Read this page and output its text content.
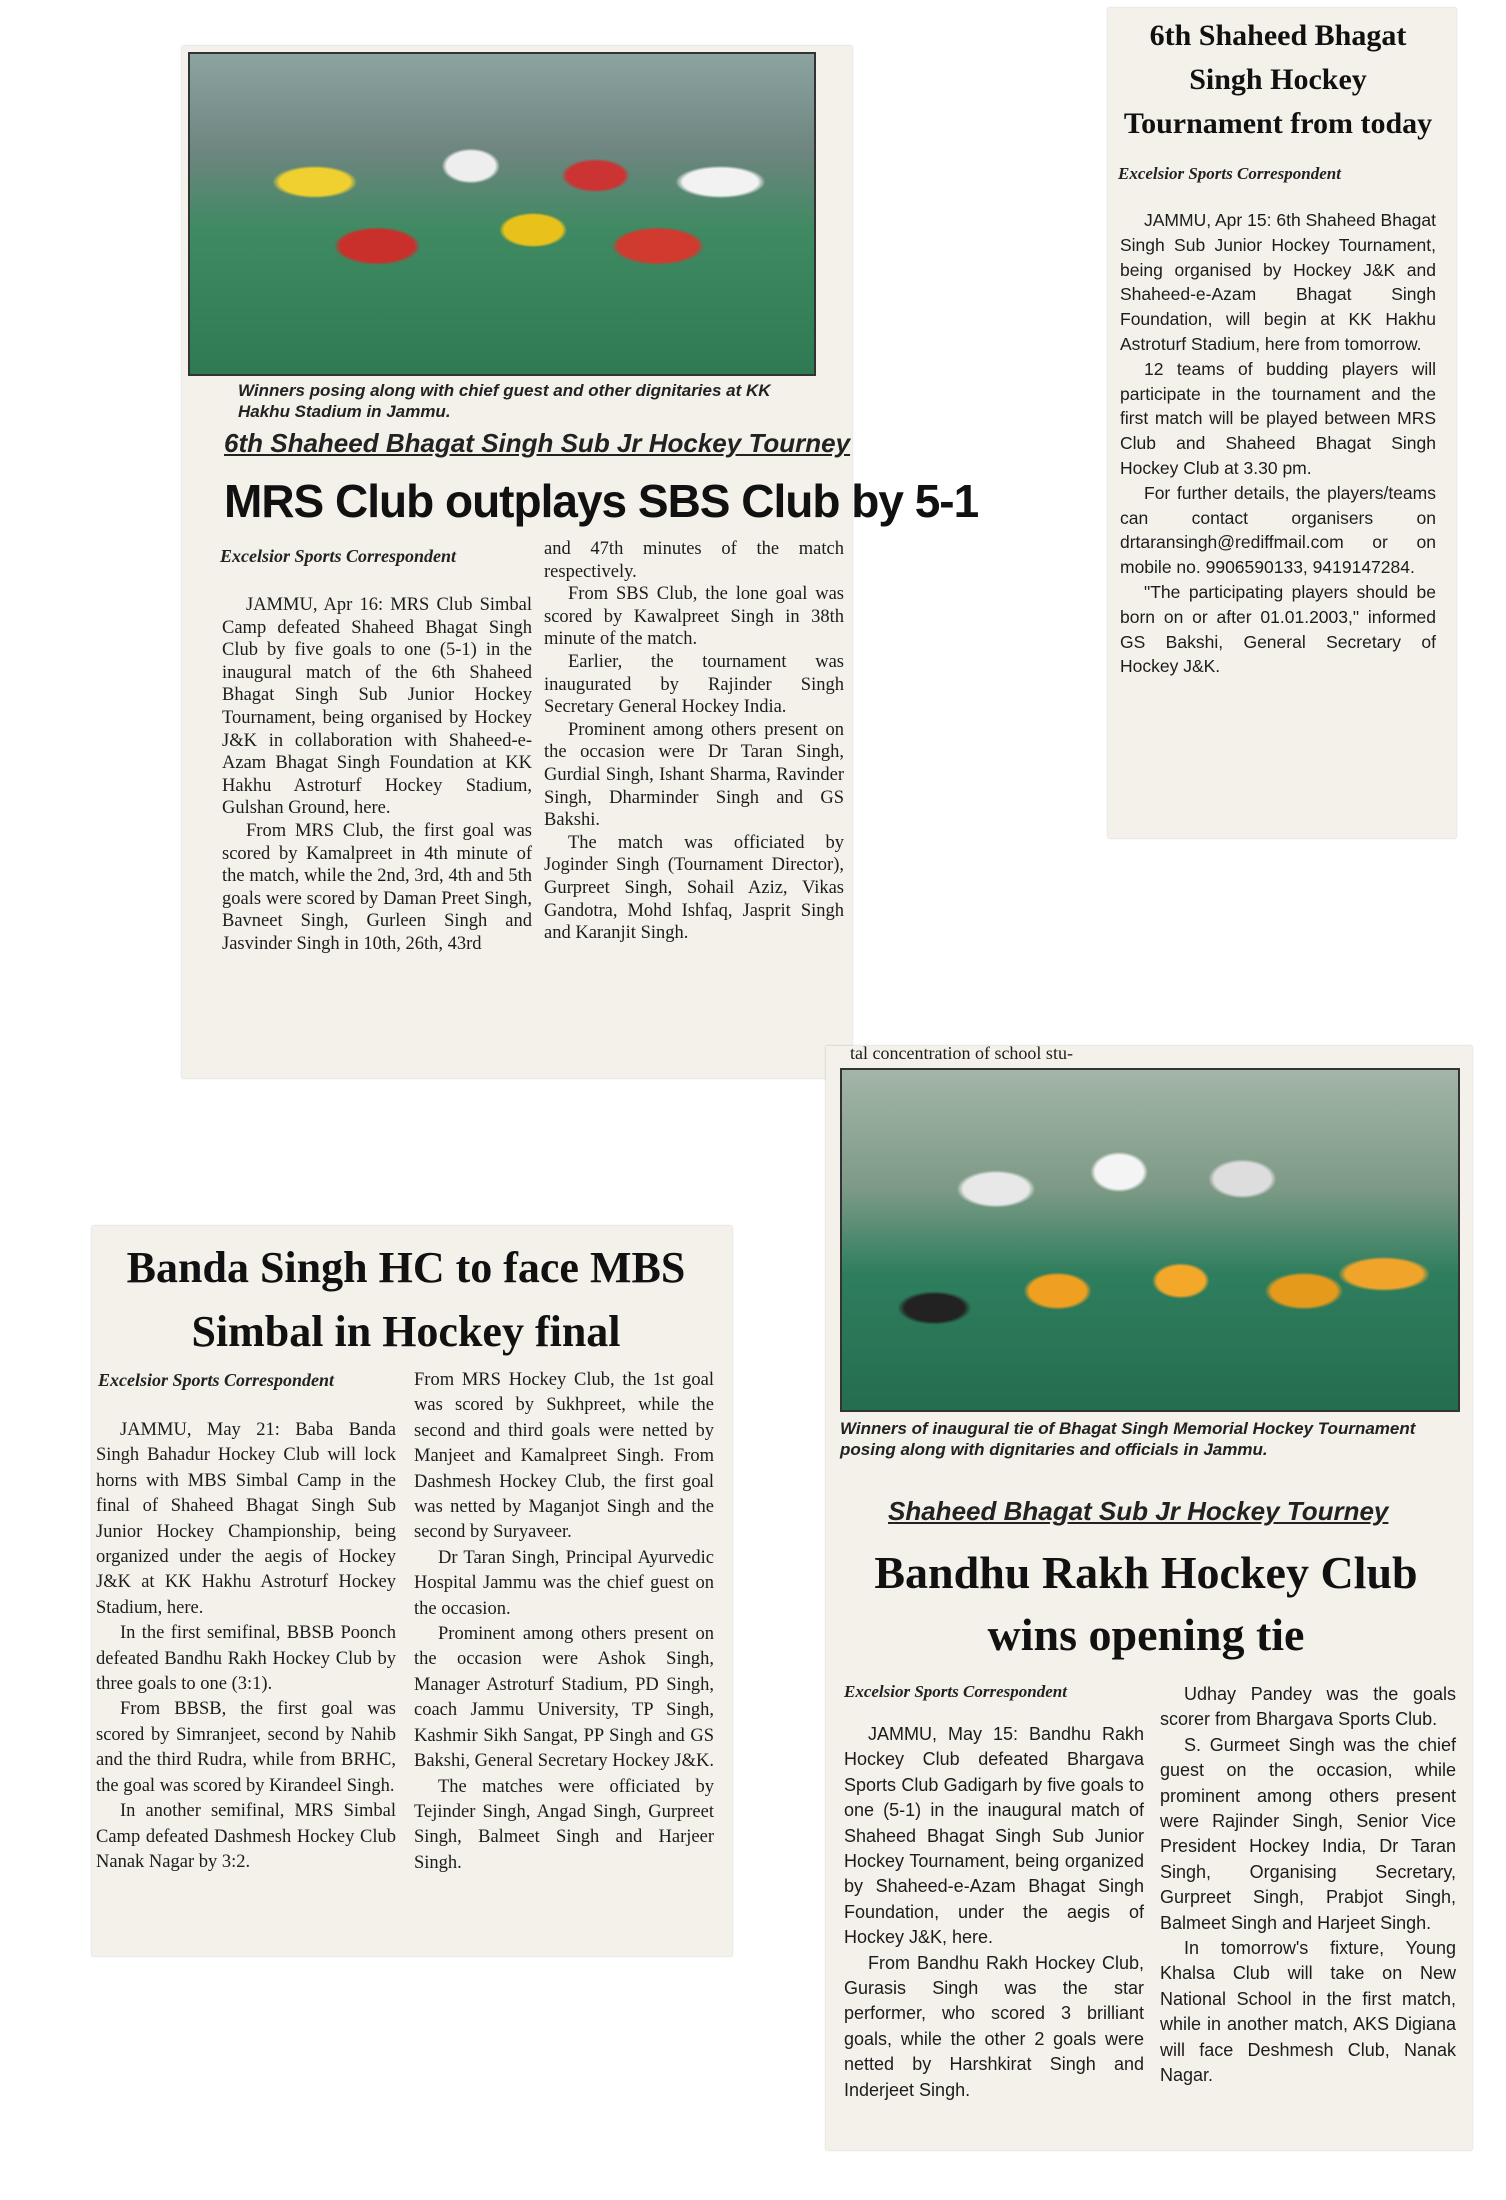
Winners posing along with chief guest and other dignitaries at KK Hakhu Stadium in Jammu.
6th Shaheed Bhagat Singh Sub Jr Hockey Tourney
MRS Club outplays SBS Club by 5-1
Excelsior Sports Correspondent

JAMMU, Apr 16: MRS Club Simbal Camp defeated Shaheed Bhagat Singh Club by five goals to one (5-1) in the inaugural match of the 6th Shaheed Bhagat Singh Sub Junior Hockey Tournament, being organised by Hockey J&K in collaboration with Shaheed-e-Azam Bhagat Singh Foundation at KK Hakhu Astroturf Hockey Stadium, Gulshan Ground, here.

From MRS Club, the first goal was scored by Kamalpreet in 4th minute of the match, while the 2nd, 3rd, 4th and 5th goals were scored by Daman Preet Singh, Bavneet Singh, Gurleen Singh and Jasvinder Singh in 10th, 26th, 43rd

and 47th minutes of the match respectively.

From SBS Club, the lone goal was scored by Kawalpreet Singh in 38th minute of the match.

Earlier, the tournament was inaugurated by Rajinder Singh Secretary General Hockey India.

Prominent among others present on the occasion were Dr Taran Singh, Gurdial Singh, Ishant Sharma, Ravinder Singh, Dharminder Singh and GS Bakshi.

The match was officiated by Joginder Singh (Tournament Director), Gurpreet Singh, Sohail Aziz, Vikas Gandotra, Mohd Ishfaq, Jasprit Singh and Karanjit Singh.

6th Shaheed Bhagat Singh Hockey Tournament from today
Excelsior Sports Correspondent

JAMMU, Apr 15: 6th Shaheed Bhagat Singh Sub Junior Hockey Tournament, being organised by Hockey J&K and Shaheed-e-Azam Bhagat Singh Foundation, will begin at KK Hakhu Astroturf Stadium, here from tomorrow.

12 teams of budding players will participate in the tournament and the first match will be played between MRS Club and Shaheed Bhagat Singh Hockey Club at 3.30 pm.

For further details, the players/teams can contact organisers on drtaransingh@rediffmail.com or on mobile no. 9906590133, 9419147284.

"The participating players should be born on or after 01.01.2003," informed GS Bakshi, General Secretary of Hockey J&K.

Banda Singh HC to face MBS Simbal in Hockey final
Excelsior Sports Correspondent

JAMMU, May 21: Baba Banda Singh Bahadur Hockey Club will lock horns with MBS Simbal Camp in the final of Shaheed Bhagat Singh Sub Junior Hockey Championship, being organized under the aegis of Hockey J&K at KK Hakhu Astroturf Hockey Stadium, here.

In the first semifinal, BBSB Poonch defeated Bandhu Rakh Hockey Club by three goals to one (3:1).

From BBSB, the first goal was scored by Simranjeet, second by Nahib and the third Rudra, while from BRHC, the goal was scored by Kirandeel Singh.

In another semifinal, MRS Simbal Camp defeated Dashmesh Hockey Club Nanak Nagar by 3:2.

From MRS Hockey Club, the 1st goal was scored by Sukhpreet, while the second and third goals were netted by Manjeet and Kamalpreet Singh. From Dashmesh Hockey Club, the first goal was netted by Maganjot Singh and the second by Suryaveer.

Dr Taran Singh, Principal Ayurvedic Hospital Jammu was the chief guest on the occasion.

Prominent among others present on the occasion were Ashok Singh, Manager Astroturf Stadium, PD Singh, coach Jammu University, TP Singh, Kashmir Sikh Sangat, PP Singh and GS Bakshi, General Secretary Hockey J&K.

The matches were officiated by Tejinder Singh, Angad Singh, Gurpreet Singh, Balmeet Singh and Harjeer Singh.

tal concentration of school stu-
Winners of inaugural tie of Bhagat Singh Memorial Hockey Tournament posing along with dignitaries and officials in Jammu.
Shaheed Bhagat Sub Jr Hockey Tourney
Bandhu Rakh Hockey Club wins opening tie
Excelsior Sports Correspondent

JAMMU, May 15: Bandhu Rakh Hockey Club defeated Bhargava Sports Club Gadigarh by five goals to one (5-1) in the inaugural match of Shaheed Bhagat Singh Sub Junior Hockey Tournament, being organized by Shaheed-e-Azam Bhagat Singh Foundation, under the aegis of Hockey J&K, here.

From Bandhu Rakh Hockey Club, Gurasis Singh was the star performer, who scored 3 brilliant goals, while the other 2 goals were netted by Harshkirat Singh and Inderjeet Singh.

Udhay Pandey was the goals scorer from Bhargava Sports Club.

S. Gurmeet Singh was the chief guest on the occasion, while prominent among others present were Rajinder Singh, Senior Vice President Hockey India, Dr Taran Singh, Organising Secretary, Gurpreet Singh, Prabjot Singh, Balmeet Singh and Harjeet Singh.

In tomorrow's fixture, Young Khalsa Club will take on New National School in the first match, while in another match, AKS Digiana will face Deshmesh Club, Nanak Nagar.
